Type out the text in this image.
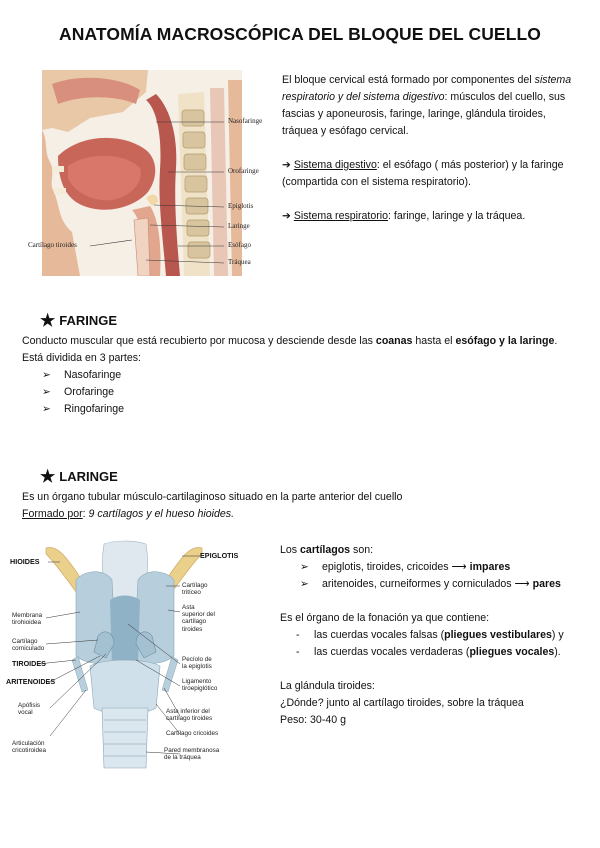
ANATOMÍA MACROSCÓPICA DEL BLOQUE DEL CUELLO
Nasofaringe
Orofaringe
Epiglotis
Laringe
Cartílago tiroides	Esófago
Tráquea
El bloque cervical está formado por componentes del sistema respiratorio y del sistema digestivo: músculos del cuello, sus fascias y aponeurosis, faringe, laringe, glándula tiroides, tráquea y esófago cervical.
➔ Sistema digestivo: el esófago ( más posterior) y la faringe (compartida con el sistema respiratorio).
➔ Sistema respiratorio: faringe, laringe y la tráquea.
★ FARINGE
Conducto muscular que está recubierto por mucosa y desciende desde las coanas hasta el esófago y la laringe.
Está dividida en 3 partes:
➢ Nasofaringe
➢ Orofaringe
➢ Ringofaringe
★ LARINGE
Es un órgano tubular músculo-cartilaginoso situado en la parte anterior del cuello
Formado por: 9 cartílagos y el hueso hioides.
HIOIDES
EPIGLOTIS
Membrana
tirohioidea
Cartílago
corniculado
TIROIDES
ARITENOIDES
Apófisis
vocal
Articulación
cricotiroidea
Cartílago
tritíceo
Asta
superior del
cartílago
tiroides
Pecíolo de
la epiglotis
Ligamento
tiroepiglótico
Asta inferior del
cartílago tiroides
Cartílago cricoides
Pared membranosa
de la tráquea
Los cartílagos son:
➢ epiglotis, tiroides, cricoides ⟶ impares
➢ aritenoides, curneiformes y corniculados ⟶ pares
Es el órgano de la fonación ya que contiene:
- las cuerdas vocales falsas (pliegues vestibulares) y
- las cuerdas vocales verdaderas (pliegues vocales).
La glándula tiroides:
¿Dónde? junto al cartílago tiroides, sobre la tráquea
Peso: 30-40 g
